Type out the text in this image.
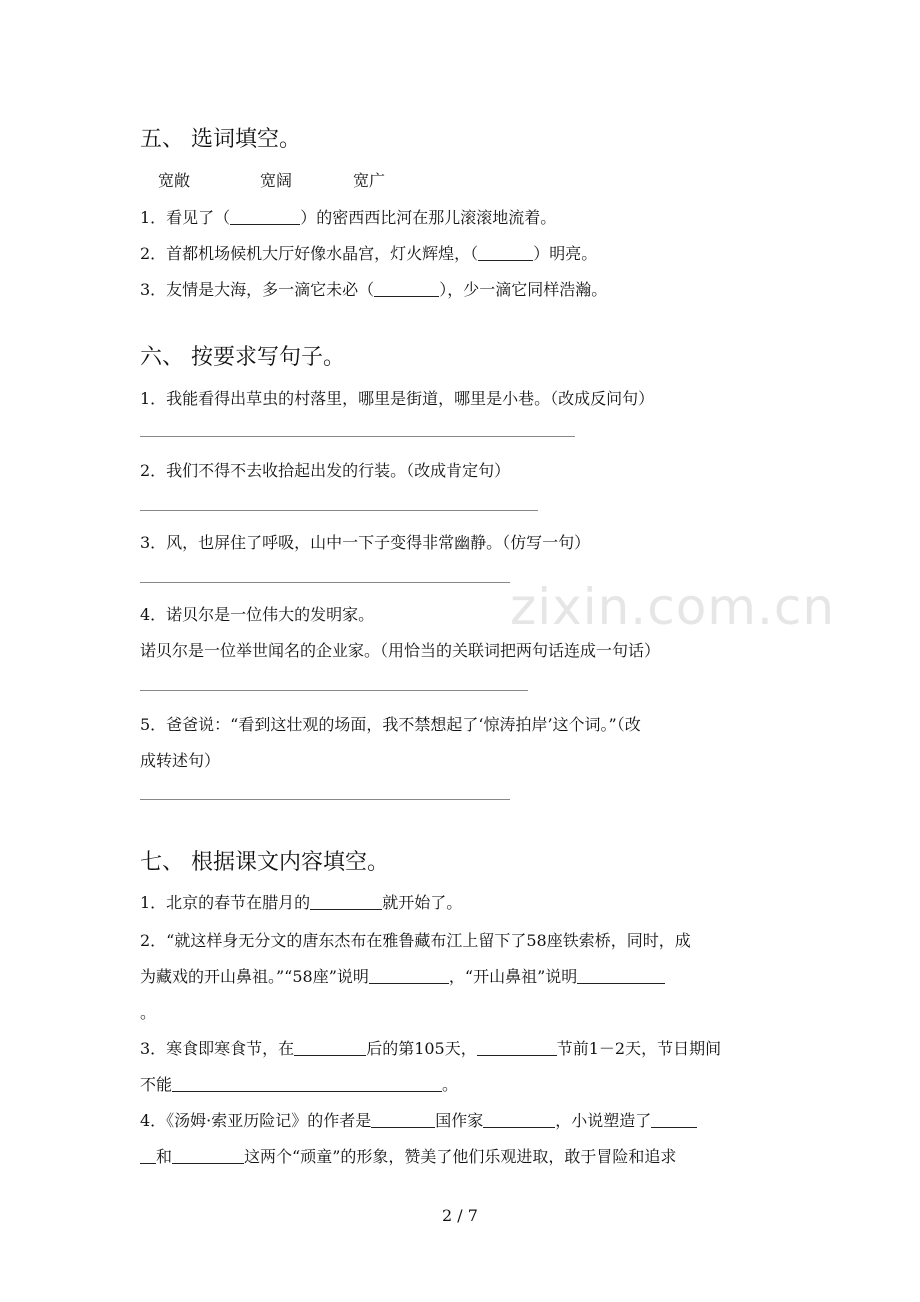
zixin.com.cn
五、 选词填空。
宽敞	宽阔	宽广
1．看见了（	）的密西西比河在那儿滚滚地流着。
2．首都机场候机大厅好像水晶宫，灯火辉煌，（	）明亮。
3．友情是大海，多一滴它未必（	），少一滴它同样浩瀚。
六、 按要求写句子。
1．我能看得出草虫的村落里，哪里是街道，哪里是小巷。（改成反问句）
2．我们不得不去收拾起出发的行装。（改成肯定句）
3．风，也屏住了呼吸，山中一下子变得非常幽静。（仿写一句）
4．诺贝尔是一位伟大的发明家。
诺贝尔是一位举世闻名的企业家。（用恰当的关联词把两句话连成一句话）
5．爸爸说：“看到这壮观的场面，我不禁想起了‘惊涛拍岸’这个词。”（改
成转述句）
七、 根据课文内容填空。
1．北京的春节在腊月的	就开始了。
2．“就这样身无分文的唐东杰布在雅鲁藏布江上留下了58座铁索桥，同时，成
为藏戏的开山鼻祖。”“58座”说明	，“开山鼻祖”说明
。
3．寒食即寒食节，在	后的第105天，	节前1－2天，节日期间
不能	。
4．《汤姆·索亚历险记》的作者是	国作家	，小说塑造了
和	这两个“顽童”的形象，赞美了他们乐观进取，敢于冒险和追求
2 / 7
